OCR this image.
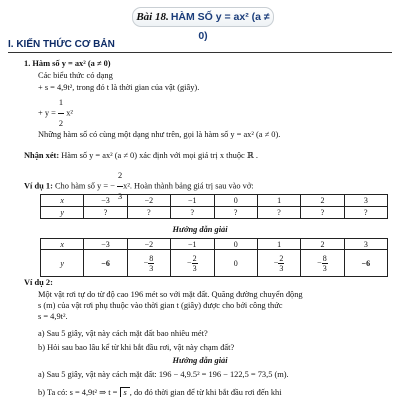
Bài 18. HÀM SỐ y = ax² (a ≠ 0)
I. KIẾN THỨC CƠ BẢN
1. Hàm số y = ax² (a ≠ 0)
Các biểu thức có dạng
+ s = 4,9t², trong đó t là thời gian của vật (giây).
+ $y = \frac{1}{2} x^2$
Những hàm số có cùng một dạng như trên, gọi là hàm số y = ax² (a ≠ 0).
Nhận xét: Hàm số y = ax² (a ≠ 0) xác định với mọi giá trị x thuộc ℝ .
Ví dụ 1: Cho hàm số y = − $\frac{2}{3} x^2$. Hoàn thành bảng giá trị sau vào vở:
x	−3	−2	−1	0	1	2	3
y	?	?	?	?	?	?	?
Hướng dẫn giải
x	−3	−2	−1	0	1	2	3
y	−6	− $\frac{8}{3}$	− $\frac{2}{3}$	0	− $\frac{2}{3}$	− $\frac{8}{3}$	−6
Ví dụ 2:
Một vật rơi tự do từ độ cao 196 mét so với mặt đất. Quãng đường chuyển động
s (m) của vật rơi phụ thuộc vào thời gian t (giây) được cho bởi công thức
s = 4,9t².
a) Sau 5 giây, vật này cách mặt đất bao nhiêu mét?
b) Hỏi sau bao lâu kể từ khi bắt đầu rơi, vật này chạm đất?
Hướng dẫn giải
a) Sau 5 giây, vật này cách mặt đất: 196 − 4,9.5² = 196 − 122,5 = 73,5 (m).
b) Ta có: s = 4,9t² ⇒ t = s , do đó thời gian để từ khi bắt đầu rơi đến khi
